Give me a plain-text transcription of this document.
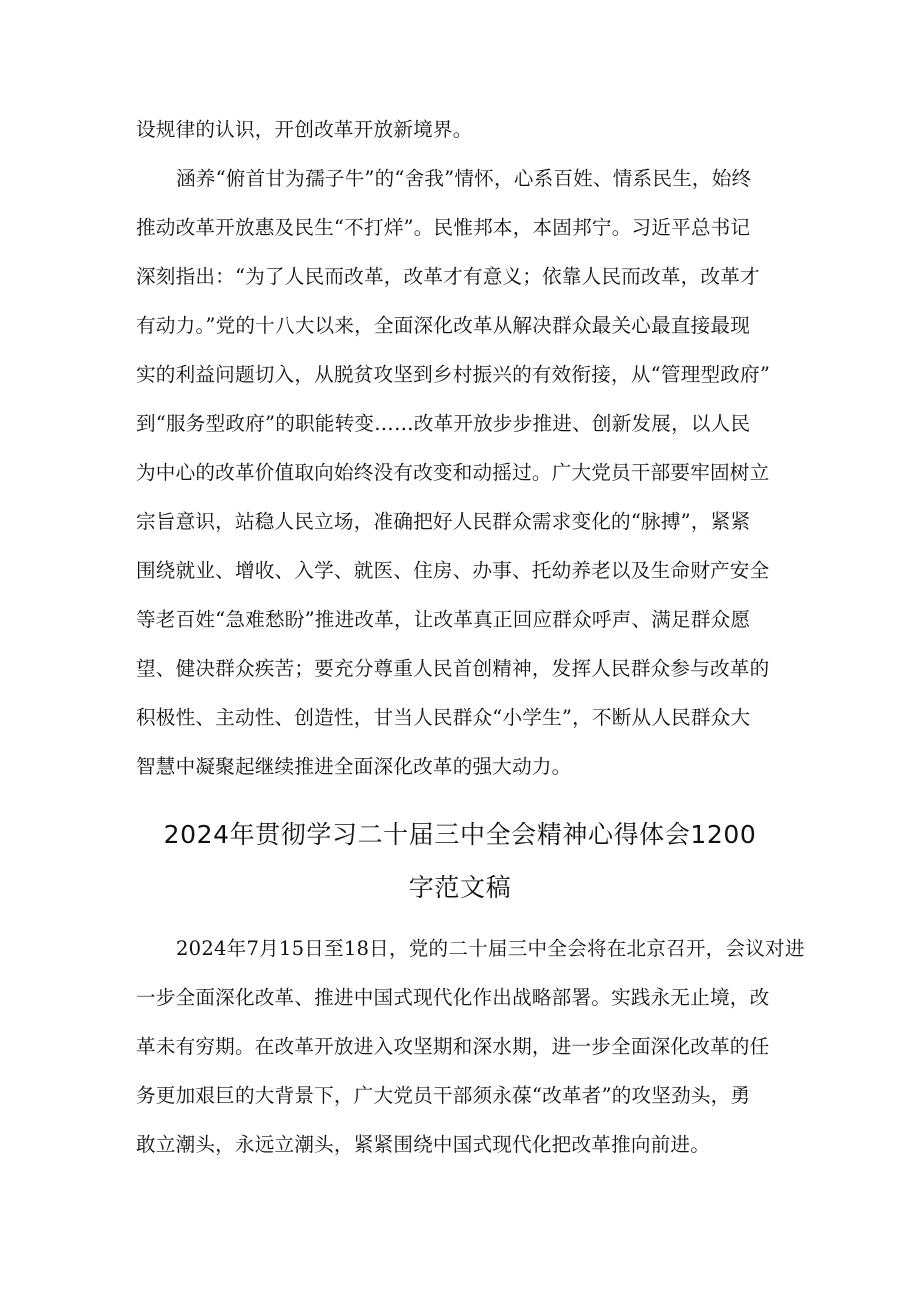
设规律的认识，开创改革开放新境界。
涵养“俯首甘为孺子牛”的“舍我”情怀，心系百姓、情系民生，始终
推动改革开放惠及民生“不打烊”。民惟邦本，本固邦宁。习近平总书记
深刻指出：“为了人民而改革，改革才有意义；依靠人民而改革，改革才
有动力。”党的十八大以来，全面深化改革从解决群众最关心最直接最现
实的利益问题切入，从脱贫攻坚到乡村振兴的有效衔接，从“管理型政府”
到“服务型政府”的职能转变……改革开放步步推进、创新发展，以人民
为中心的改革价值取向始终没有改变和动摇过。广大党员干部要牢固树立
宗旨意识，站稳人民立场，准确把好人民群众需求变化的“脉搏”，紧紧
围绕就业、增收、入学、就医、住房、办事、托幼养老以及生命财产安全
等老百姓“急难愁盼”推进改革，让改革真正回应群众呼声、满足群众愿
望、健决群众疾苦；要充分尊重人民首创精神，发挥人民群众参与改革的
积极性、主动性、创造性，甘当人民群众“小学生”，不断从人民群众大
智慧中凝聚起继续推进全面深化改革的强大动力。
2024年贯彻学习二十届三中全会精神心得体会1200
字范文稿
2024年7月15日至18日，党的二十届三中全会将在北京召开，会议对进
一步全面深化改革、推进中国式现代化作出战略部署。实践永无止境，改
革未有穷期。在改革开放进入攻坚期和深水期，进一步全面深化改革的任
务更加艰巨的大背景下，广大党员干部须永葆“改革者”的攻坚劲头，勇
敢立潮头，永远立潮头，紧紧围绕中国式现代化把改革推向前进。
